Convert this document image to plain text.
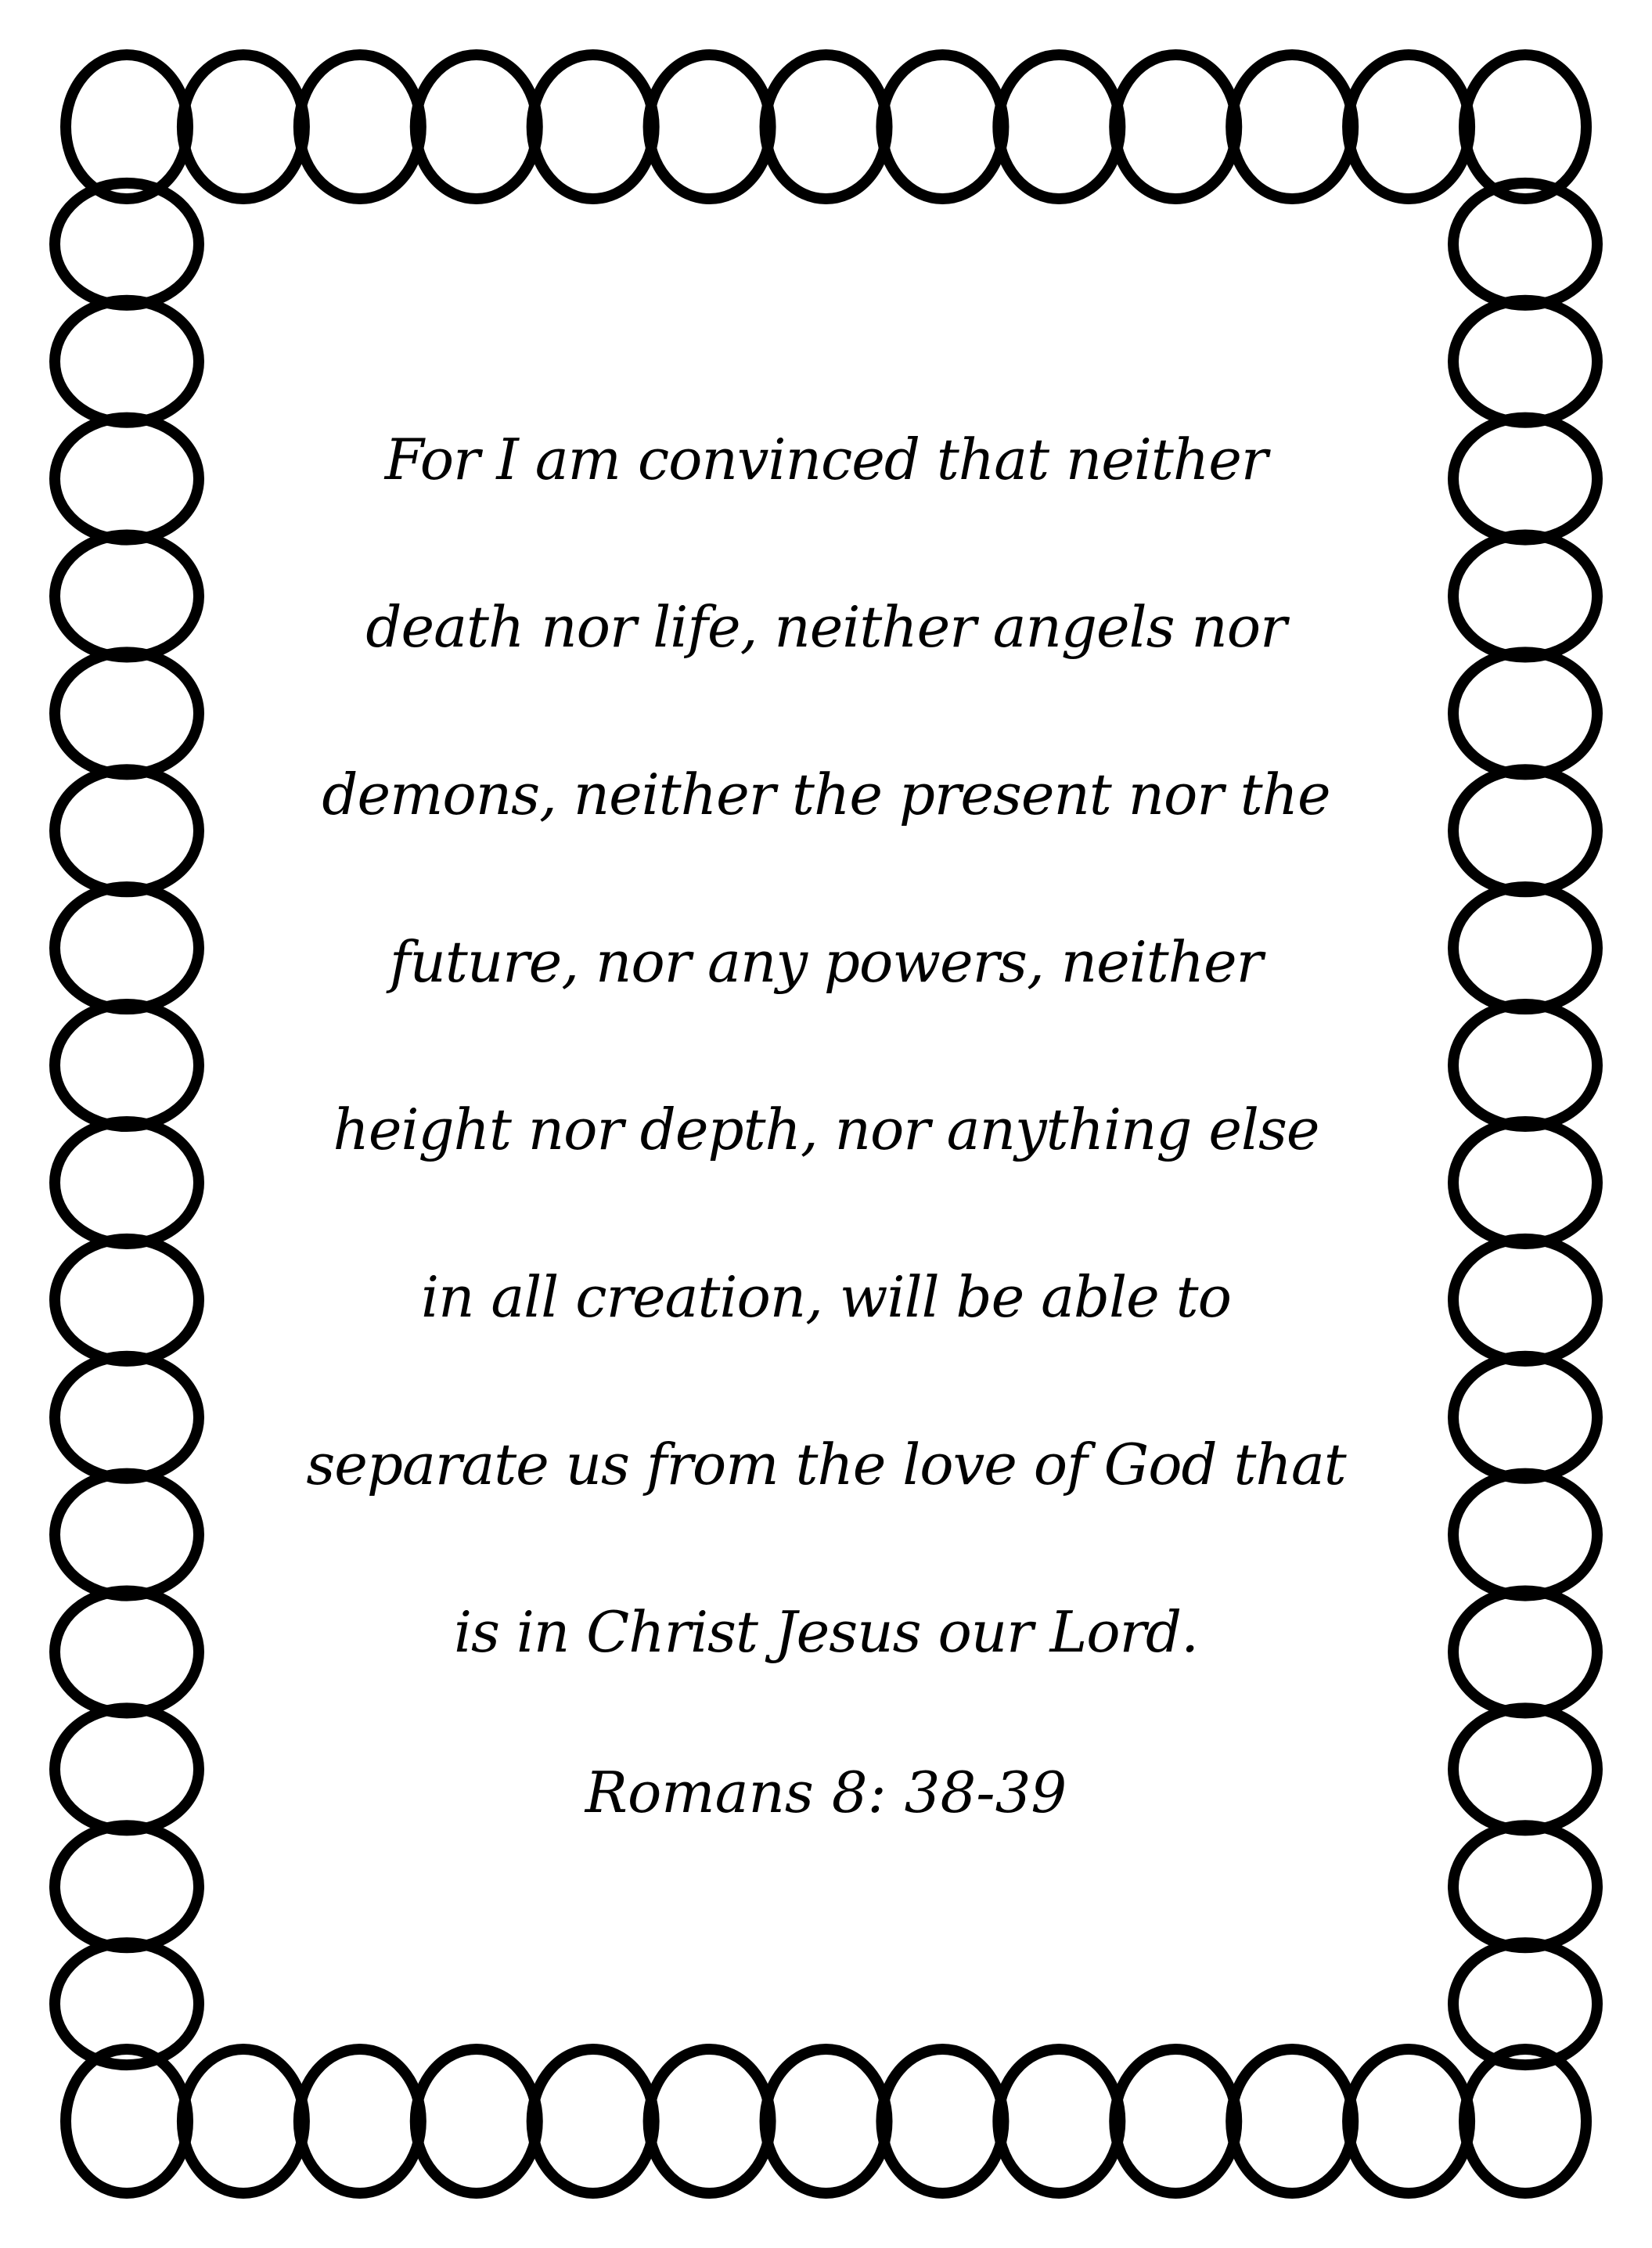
For I am convinced that neither
death nor life, neither angels nor
demons, neither the present nor the
future, nor any powers, neither
height nor depth, nor anything else
in all creation, will be able to
separate us from the love of God that
is in Christ Jesus our Lord.
Romans 8: 38-39
